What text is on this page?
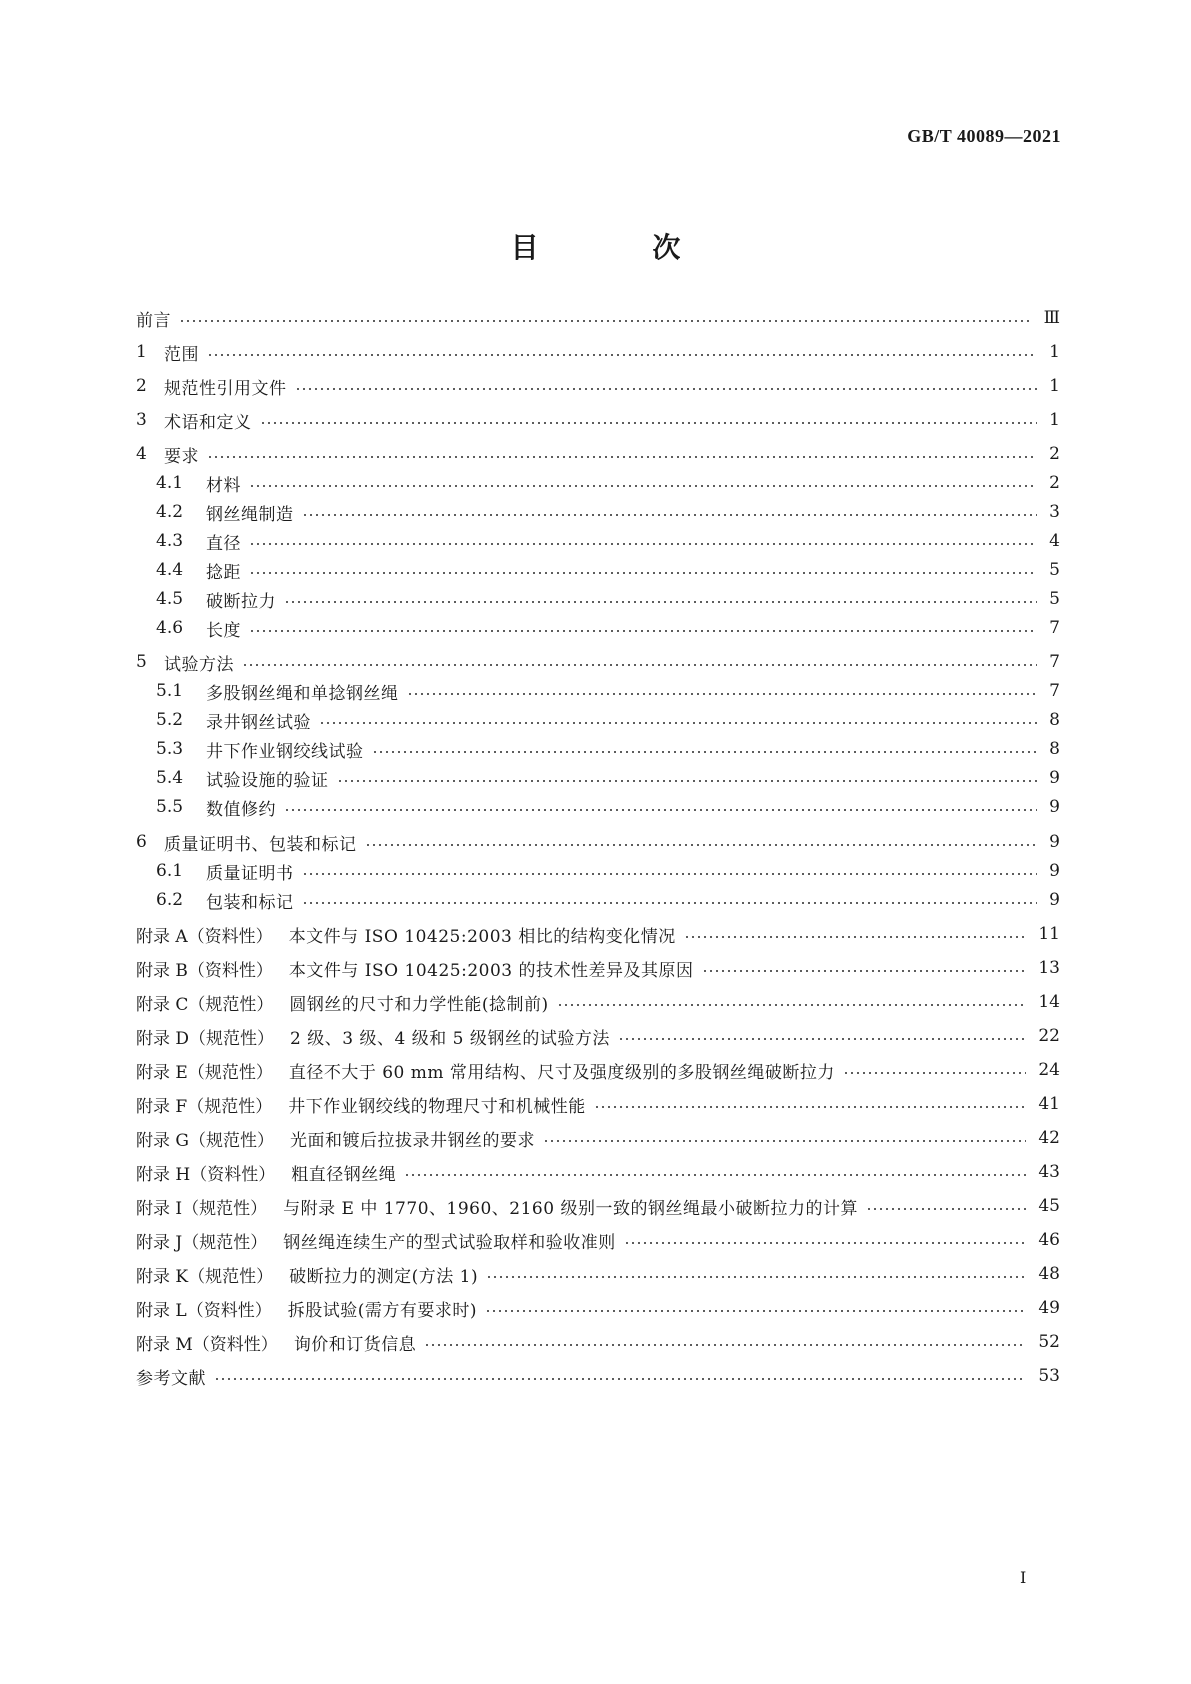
GB/T 40089—2021
目 次
前言	Ⅲ
1	范围	1
2	规范性引用文件	1
3	术语和定义	1
4	要求	2
4.1	材料	2
4.2	钢丝绳制造	3
4.3	直径	4
4.4	捻距	5
4.5	破断拉力	5
4.6	长度	7
5	试验方法	7
5.1	多股钢丝绳和单捻钢丝绳	7
5.2	录井钢丝试验	8
5.3	井下作业钢绞线试验	8
5.4	试验设施的验证	9
5.5	数值修约	9
6	质量证明书、包装和标记	9
6.1	质量证明书	9
6.2	包装和标记	9
附录 A（资料性） 本文件与 ISO 10425:2003 相比的结构变化情况	11
附录 B（资料性） 本文件与 ISO 10425:2003 的技术性差异及其原因	13
附录 C（规范性） 圆钢丝的尺寸和力学性能(捻制前)	14
附录 D（规范性） 2 级、3 级、4 级和 5 级钢丝的试验方法	22
附录 E（规范性） 直径不大于 60 mm 常用结构、尺寸及强度级别的多股钢丝绳破断拉力	24
附录 F（规范性） 井下作业钢绞线的物理尺寸和机械性能	41
附录 G（规范性） 光面和镀后拉拔录井钢丝的要求	42
附录 H（资料性） 粗直径钢丝绳	43
附录 I（规范性） 与附录 E 中 1770、1960、2160 级别一致的钢丝绳最小破断拉力的计算	45
附录 J（规范性） 钢丝绳连续生产的型式试验取样和验收准则	46
附录 K（规范性） 破断拉力的测定(方法 1)	48
附录 L（资料性） 拆股试验(需方有要求时)	49
附录 M（资料性） 询价和订货信息	52
参考文献	53
I
